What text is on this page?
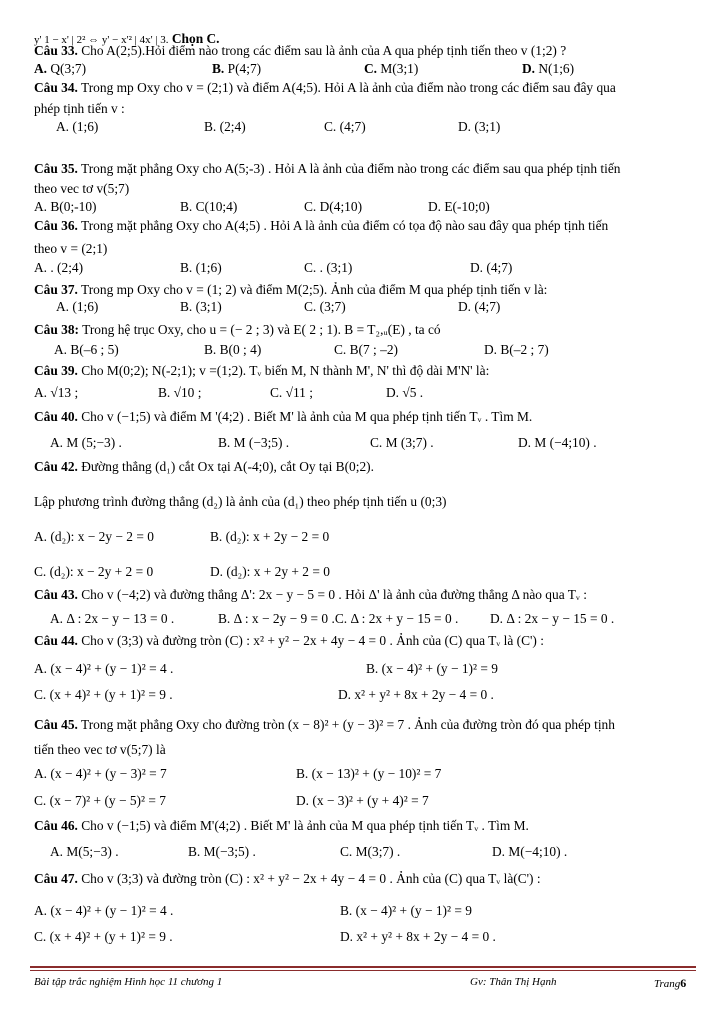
y' 1 − x' | 2² ⇔ y' − x'² | 4x' | 3. Chọn C.
Câu 33. Cho A(2;5).Hỏi điểm nào trong các điểm sau là ảnh của A qua phép tịnh tiến theo v (1;2) ?
Câu 34. Trong mp Oxy cho v = (2;1) và điểm A(4;5). Hỏi A là ảnh của điểm nào trong các điểm sau đây qua
phép tịnh tiến v :
Câu 35. Trong mặt phẳng Oxy cho A(5;-3) . Hỏi A là ảnh của điểm nào trong các điểm sau qua phép tịnh tiến
theo vec tơ v(5;7)
Câu 36. Trong mặt phẳng Oxy cho A(4;5) . Hỏi A là ảnh của điểm có tọa độ nào sau đây qua phép tịnh tiến
theo v = (2;1)
Câu 37. Trong mp Oxy cho v = (1; 2) và điểm M(2;5). Ảnh của điểm M qua phép tịnh tiến v là:
Câu 38: Trong hệ trục Oxy, cho u = (− 2 ; 3) và E( 2 ; 1). B = T₂,ᵤ(E) , ta có
Câu 39. Cho M(0;2); N(-2;1); v =(1;2). Tᵥ biến M, N thành M', N' thì độ dài M'N' là:
Câu 40. Cho v (−1;5) và điểm M '(4;2) . Biết M' là ảnh của M qua phép tịnh tiến Tᵥ . Tìm M.
Câu 42. Đường thẳng (d₁) cắt Ox tại A(-4;0), cắt Oy tại B(0;2).
Lập phương trình đường thẳng (d₂) là ảnh của (d₁) theo phép tịnh tiến u (0;3)
Câu 43. Cho v (−4;2) và đường thẳng Δ': 2x − y − 5 = 0 . Hỏi Δ' là ảnh của đường thẳng Δ nào qua Tᵥ :
Câu 44. Cho v (3;3) và đường tròn (C) : x² + y² − 2x + 4y − 4 = 0 . Ảnh của (C) qua Tᵥ là (C') :
Câu 45. Trong mặt phẳng Oxy cho đường tròn (x − 8)² + (y − 3)² = 7 . Ảnh của đường tròn đó qua phép tịnh
tiến theo vec tơ v(5;7) là
Câu 46. Cho v (−1;5) và điểm M'(4;2) . Biết M' là ảnh của M qua phép tịnh tiến Tᵥ . Tìm M.
Câu 47. Cho v (3;3) và đường tròn (C) : x² + y² − 2x + 4y − 4 = 0 . Ảnh của (C) qua Tᵥ là(C') :
A. Q(3;7)	B. P(4;7)	C. M(3;1)	D. N(1;6)
A. (1;6)	B. (2;4)	C. (4;7)	D. (3;1)
A. B(0;-10)	B. C(10;4)	C. D(4;10)	D. E(-10;0)
A. . (2;4)	B. (1;6)	C. . (3;1)	D. (4;7)
A. (1;6)	B. (3;1)	C. (3;7)	D. (4;7)
A. B(–6 ; 5)	B. B(0 ; 4)	C. B(7 ; –2)	D. B(–2 ; 7)
A. √13 ;	B. √10 ;	C. √11 ;	D. √5 .
A. M (5;−3) .	B. M (−3;5) .	C. M (3;7) .	D. M (−4;10) .
A. (d₂): x − 2y − 2 = 0	B. (d₂): x + 2y − 2 = 0
C. (d₂): x − 2y + 2 = 0	D. (d₂): x + 2y + 2 = 0
A. Δ : 2x − y − 13 = 0 .	B. Δ : x − 2y − 9 = 0 .C. Δ : 2x + y − 15 = 0 . D. Δ : 2x − y − 15 = 0 .
A. (x − 4)² + (y − 1)² = 4 .	B. (x − 4)² + (y − 1)² = 9
C. (x + 4)² + (y + 1)² = 9 .	D. x² + y² + 8x + 2y − 4 = 0 .
A. (x − 4)² + (y − 3)² = 7	B. (x − 13)² + (y − 10)² = 7
C. (x − 7)² + (y − 5)² = 7	D. (x − 3)² + (y + 4)² = 7
A. M(5;−3) .	B. M(−3;5) .	C. M(3;7) .	D. M(−4;10) .
A. (x − 4)² + (y − 1)² = 4 .	B. (x − 4)² + (y − 1)² = 9
C. (x + 4)² + (y + 1)² = 9 .	D. x² + y² + 8x + 2y − 4 = 0 .
Bài tập trắc nghiệm Hình học 11 chương 1	Gv: Thân Thị Hạnh	Trang6
